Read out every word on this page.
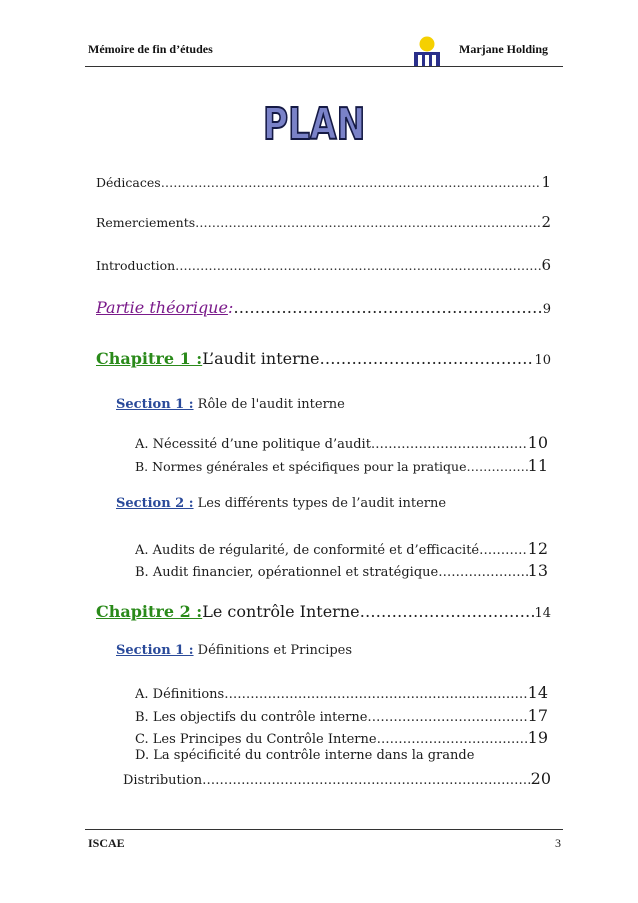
Mémoire de fin d’études	Marjane Holding
PLAN
Dédicaces ……………………………………………………………………………………………………………………………………………………………………	1
Remerciements ……………………………………………………………………………………………………………………………………………………………………	2
Introduction ……………………………………………………………………………………………………………………………………………………………………	6
Partie théorique : ……………………………………………………………………………………………………………………………………………………………………	9
Chapitre 1 : L’audit interne ……………………………………………………………………………………………………………………………………………………………………	10
Section 1 : Rôle de l'audit interne
A. Nécessité d’une politique d’audit ……………………………………………………………………………………………………………………………………………………………………	10
B. Normes générales et spécifiques pour la pratique ……………………………………………………………………………………………………………………………………………………………………	11
Section 2 : Les différents types de l’audit interne
A. Audits de régularité, de conformité et d’efficacité ……………………………………………………………………………………………………………………………………………………………………	12
B. Audit financier, opérationnel et stratégique ……………………………………………………………………………………………………………………………………………………………………	13
Chapitre 2 : Le contrôle Interne ……………………………………………………………………………………………………………………………………………………………………	14
Section 1 : Définitions et Principes
A. Définitions ……………………………………………………………………………………………………………………………………………………………………	14
B. Les objectifs du contrôle interne ……………………………………………………………………………………………………………………………………………………………………	17
C. Les Principes du Contrôle Interne ……………………………………………………………………………………………………………………………………………………………………	19
D. La spécificité du contrôle interne dans la grande
Distribution ……………………………………………………………………………………………………………………………………………………………………	20
ISCAE	3
